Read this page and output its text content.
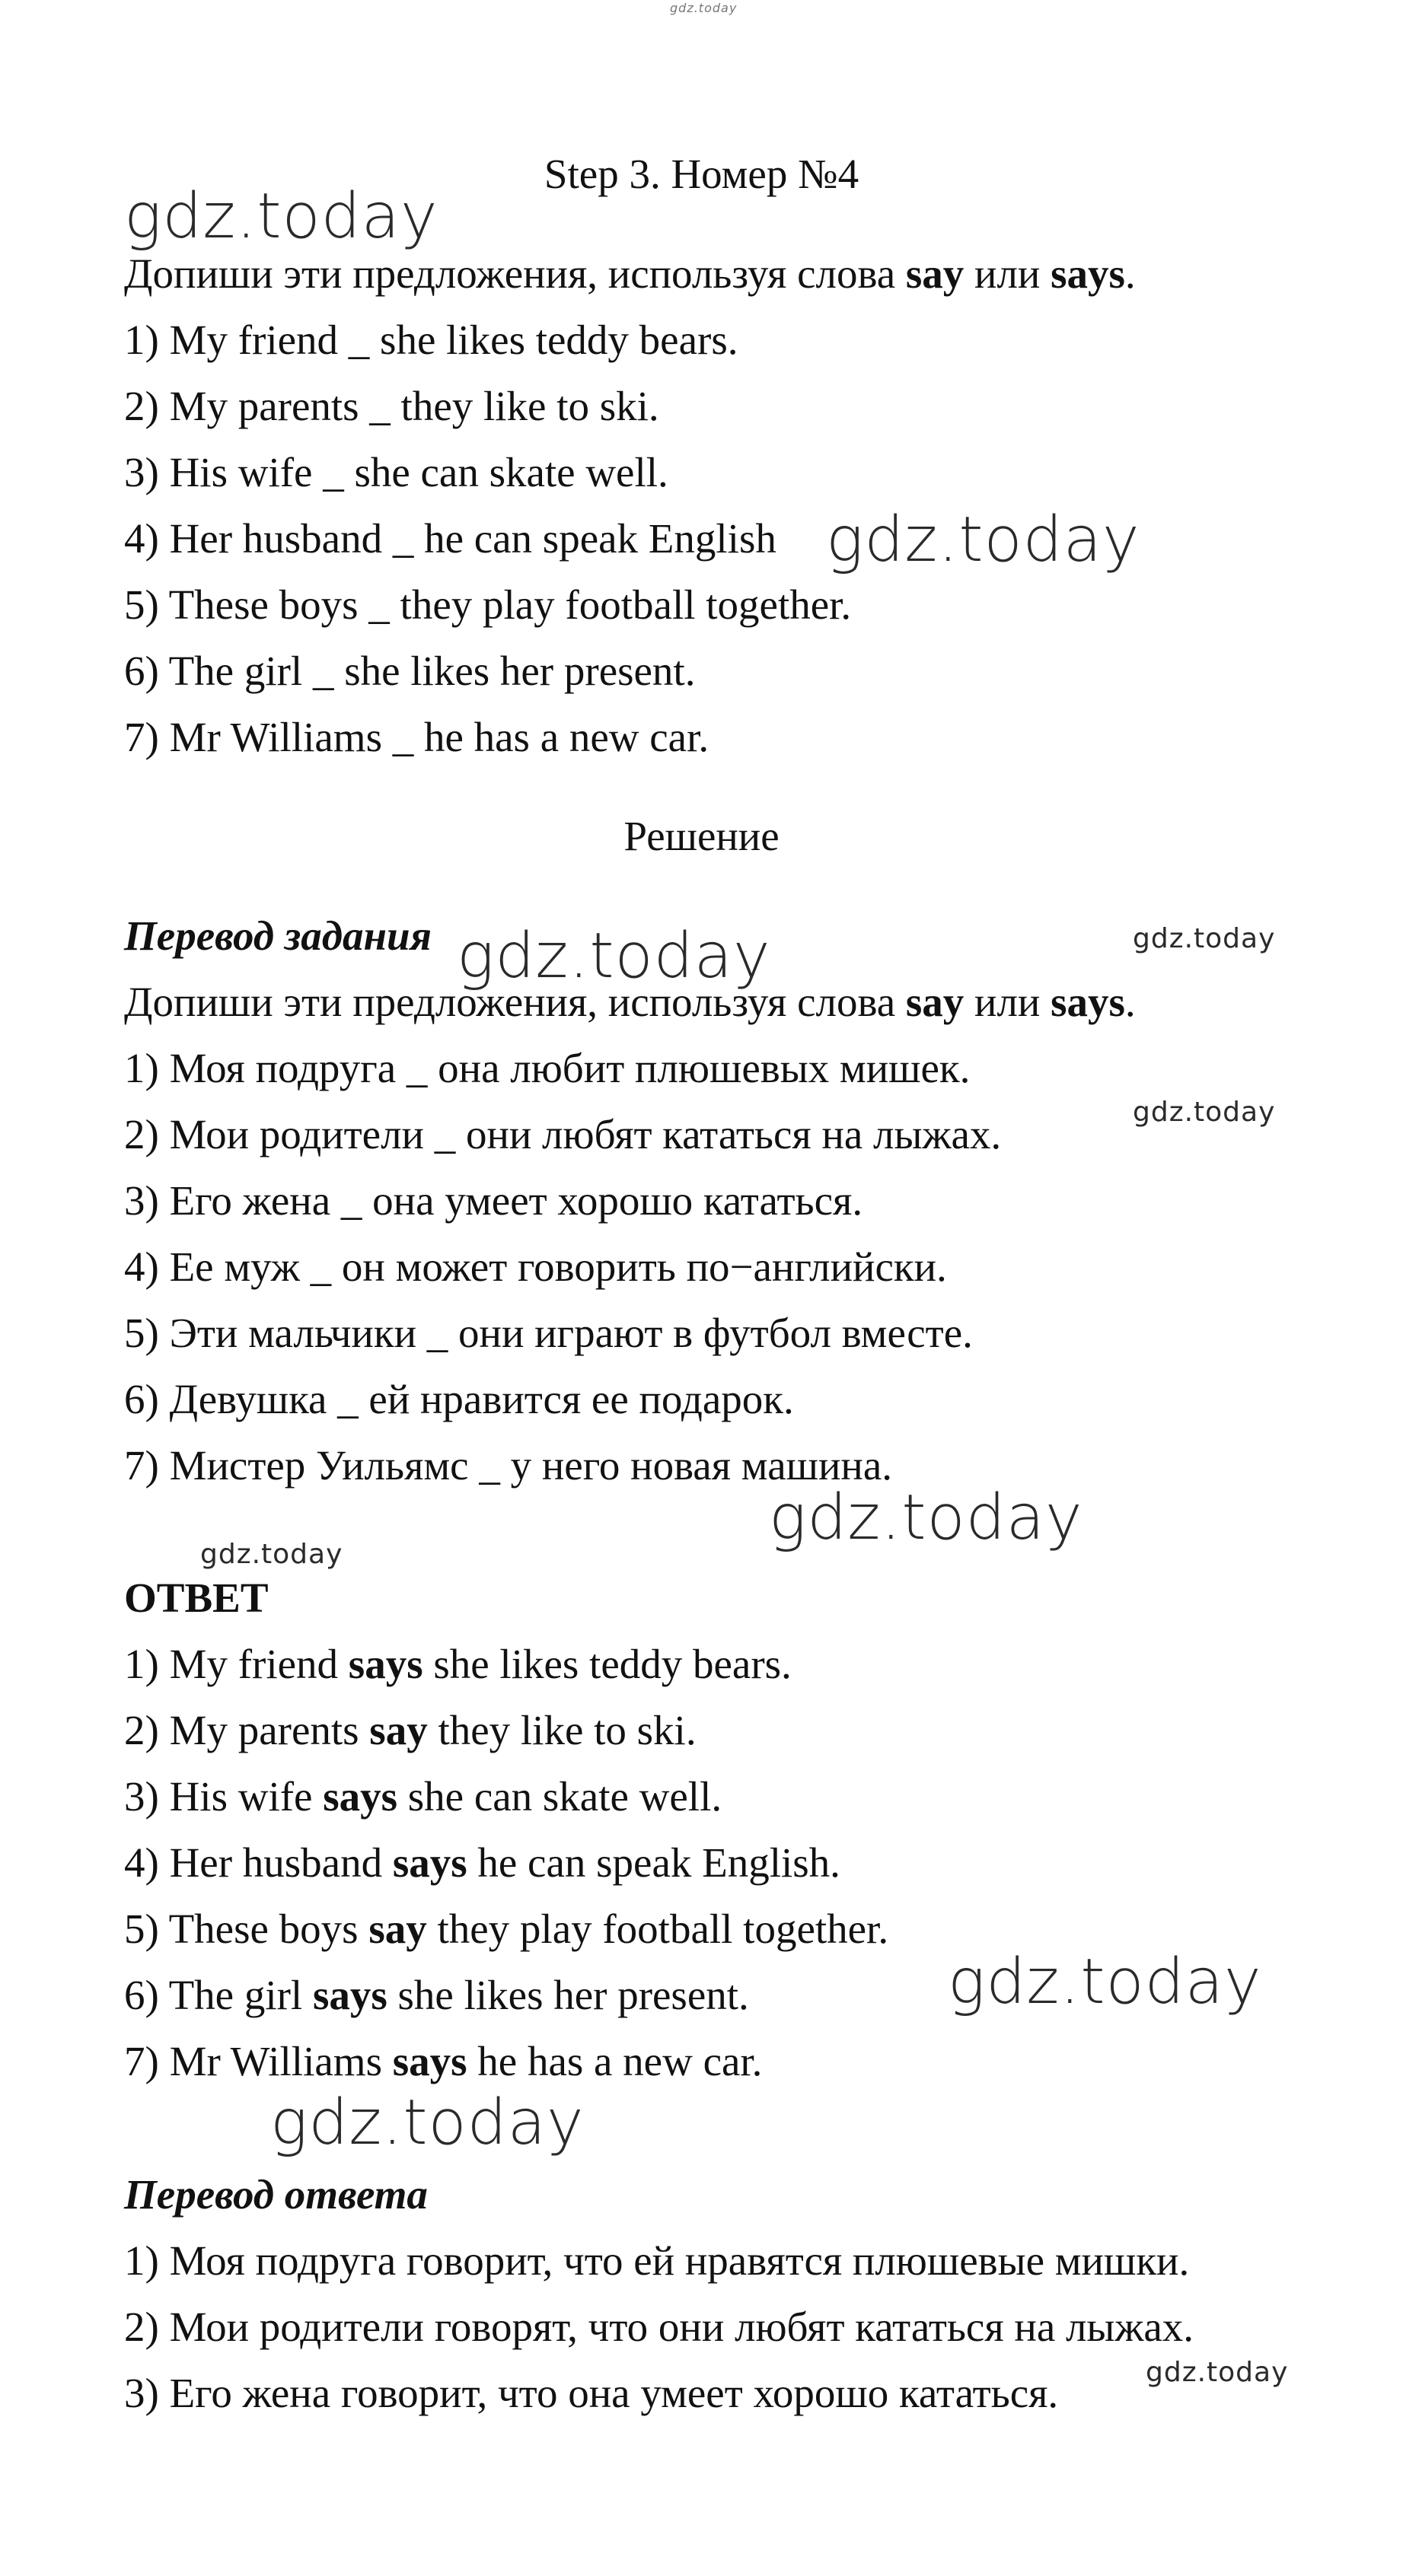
gdz.today
Step 3. Номер №4
Допиши эти предложения, используя слова say или says.
1) My friend _ she likes teddy bears.
2) My parents _ they like to ski.
3) His wife _ she can skate well.
4) Her husband _ he can speak English
5) These boys _ they play football together.
6) The girl _ she likes her present.
7) Mr Williams _ he has a new car.
Решение
Перевод задания
Допиши эти предложения, используя слова say или says.
1) Моя подруга _ она любит плюшевых мишек.
2) Мои родители _ они любят кататься на лыжах.
3) Его жена _ она умеет хорошо кататься.
4) Ее муж _ он может говорить по−английски.
5) Эти мальчики _ они играют в футбол вместе.
6) Девушка _ ей нравится ее подарок.
7) Мистер Уильямс _ у него новая машина.
ОТВЕТ
1) My friend says she likes teddy bears.
2) My parents say they like to ski.
3) His wife says she can skate well.
4) Her husband says he can speak English.
5) These boys say they play football together.
6) The girl says she likes her present.
7) Mr Williams says he has a new car.
Перевод ответа
1) Моя подруга говорит, что ей нравятся плюшевые мишки.
2) Мои родители говорят, что они любят кататься на лыжах.
3) Его жена говорит, что она умеет хорошо кататься.
gdz.today
gdz.today
gdz.today	gdz.today
gdz.today
gdz.today
gdz.today
gdz.today
gdz.today
gdz.today
